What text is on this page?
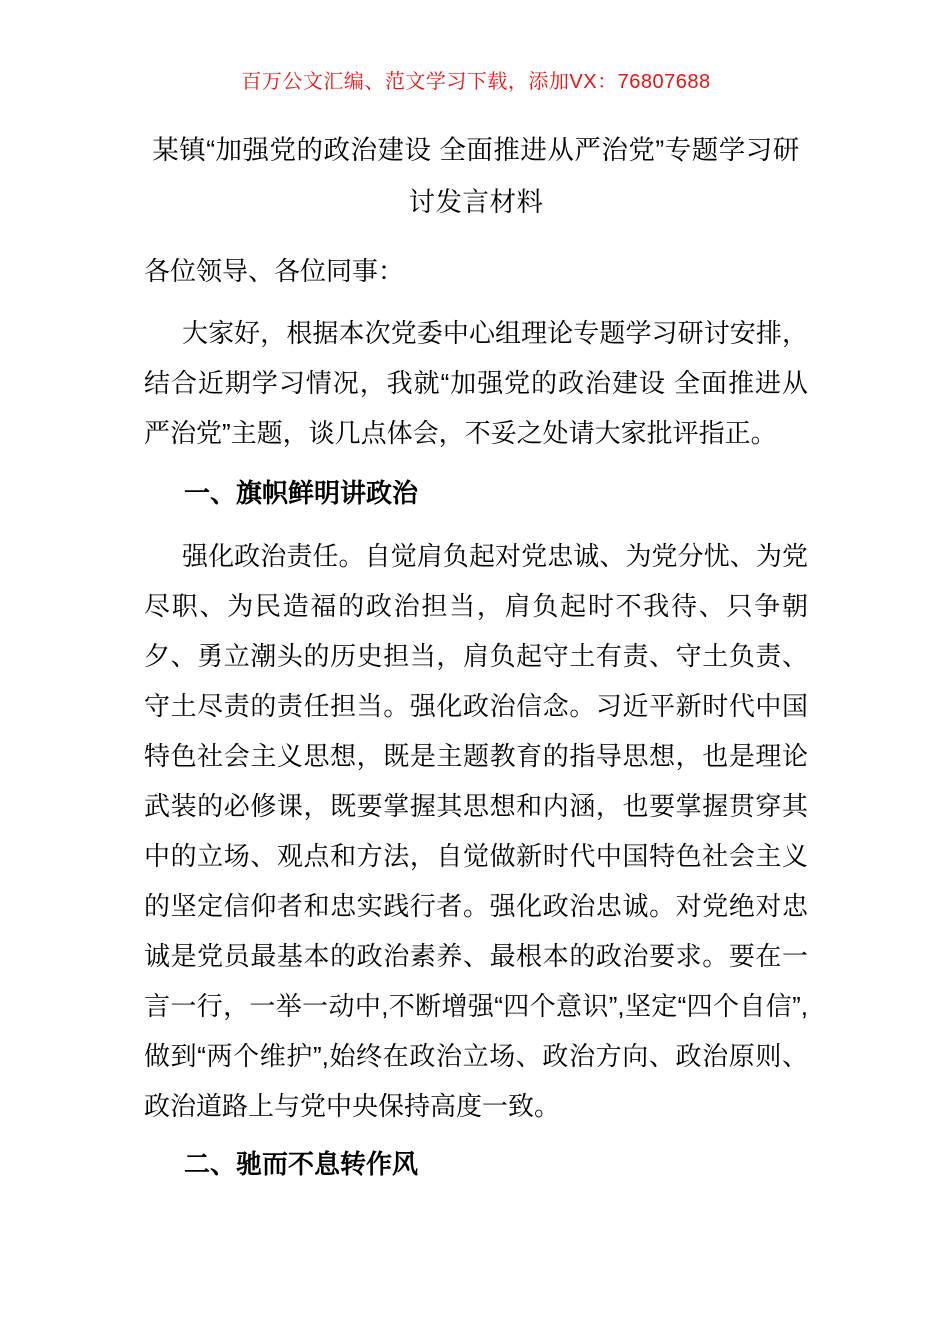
百万公文汇编、范文学习下载，添加VX：76807688
某镇“加强党的政治建设 全面推进从严治党”专题学习研讨发言材料
各位领导、各位同事：
大家好，根据本次党委中心组理论专题学习研讨安排，结合近期学习情况，我就“加强党的政治建设 全面推进从严治党”主题，谈几点体会，不妥之处请大家批评指正。
一、旗帜鲜明讲政治
强化政治责任。自觉肩负起对党忠诚、为党分忧、为党尽职、为民造福的政治担当，肩负起时不我待、只争朝夕、勇立潮头的历史担当，肩负起守土有责、守土负责、守土尽责的责任担当。强化政治信念。习近平新时代中国特色社会主义思想，既是主题教育的指导思想，也是理论武装的必修课，既要掌握其思想和内涵，也要掌握贯穿其中的立场、观点和方法，自觉做新时代中国特色社会主义的坚定信仰者和忠实践行者。强化政治忠诚。对党绝对忠诚是党员最基本的政治素养、最根本的政治要求。要在一言一行，一举一动中,不断增强“四个意识”,坚定“四个自信”,做到“两个维护”,始终在政治立场、政治方向、政治原则、政治道路上与党中央保持高度一致。
二、驰而不息转作风
